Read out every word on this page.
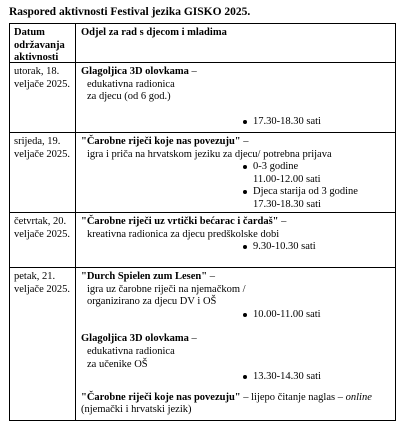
Raspored aktivnosti Festival jezika GISKO 2025.
Datum
održavanja
aktivnosti
Odjel za rad s djecom i mladima
utorak, 18.
veljače 2025.
Glagoljica 3D olovkama –
edukativna radionica
za djecu (od 6 god.)
17.30-18.30 sati
srijeda, 19.
veljače 2025.
"Čarobne riječi koje nas povezuju" –
igra i priča na hrvatskom jeziku za djecu/ potrebna prijava
0-3 godine
11.00-12.00 sati
Djeca starija od 3 godine
17.30-18.30 sati
četvrtak, 20.
veljače 2025.
"Čarobne riječi uz vrtički bećarac i čardaš" –
kreativna radionica za djecu predškolske dobi
9.30-10.30 sati
petak, 21.
veljače 2025.
"Durch Spielen zum Lesen" –
igra uz čarobne riječi na njemačkom /
organizirano za djecu DV i OŠ
10.00-11.00 sati
Glagoljica 3D olovkama –
edukativna radionica
za učenike OŠ
13.30-14.30 sati
"Čarobne riječi koje nas povezuju" – lijepo čitanje naglas – online
(njemački i hrvatski jezik)
